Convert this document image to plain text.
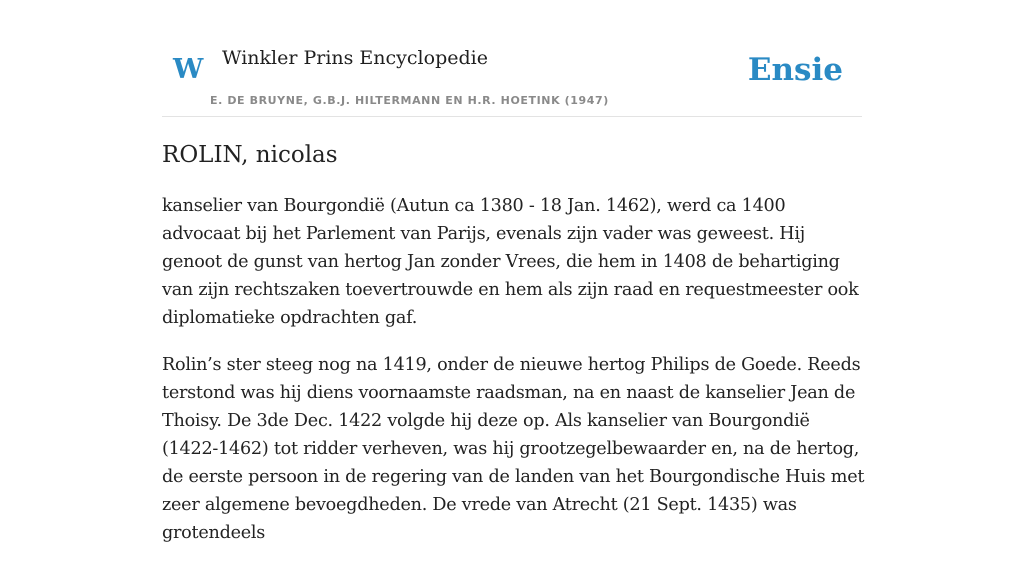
W Winkler Prins Encyclopedie
E. DE BRUYNE, G.B.J. HILTERMANN EN H.R. HOETINK (1947)
Ensie
ROLIN, nicolas

kanselier van Bourgondië (Autun ca 1380 - 18 Jan. 1462), werd ca 1400 advocaat bij het Parlement van Parijs, evenals zijn vader was geweest. Hij genoot de gunst van hertog Jan zonder Vrees, die hem in 1408 de behartiging van zijn rechtszaken toevertrouwde en hem als zijn raad en requestmeester ook diplomatieke opdrachten gaf.

Rolin’s ster steeg nog na 1419, onder de nieuwe hertog Philips de Goede. Reeds terstond was hij diens voornaamste raadsman, na en naast de kanselier Jean de Thoisy. De 3de Dec. 1422 volgde hij deze op. Als kanselier van Bourgondië (1422-1462) tot ridder verheven, was hij grootzegelbewaarder en, na de hertog, de eerste persoon in de regering van de landen van het Bourgondische Huis met zeer algemene bevoegdheden. De vrede van Atrecht (21 Sept. 1435) was grotendeels
